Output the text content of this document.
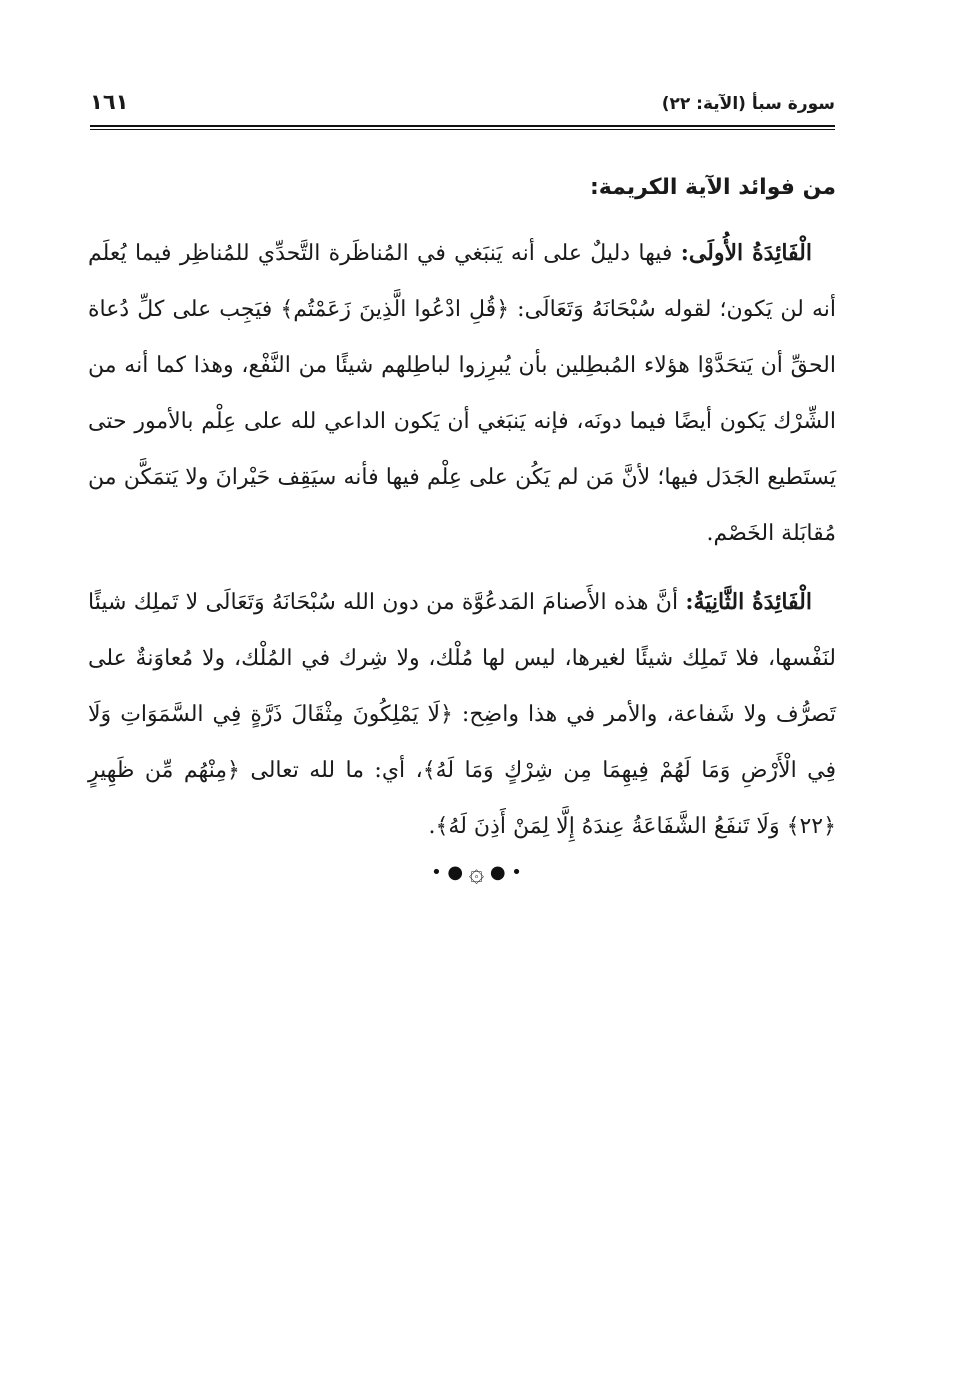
سورة سبأ (الآية: ٢٢)
١٦١
من فوائد الآية الكريمة:

الْفَائِدَةُ الأُولَى: فيها دليلٌ على أنه يَنبَغي في المُناظَرة التَّحدِّي للمُناظِر فيما يُعلَم أنه لن يَكون؛ لقوله سُبْحَانَهُ وَتَعَالَى: ﴿قُلِ ادْعُوا الَّذِينَ زَعَمْتُم﴾ فيَجِب على كلِّ دُعاة الحقِّ أن يَتحَدَّوْا هؤلاء المُبطِلين بأن يُبرِزوا لباطِلهم شيئًا من النَّفْع، وهذا كما أنه من الشِّرْك يَكون أيضًا فيما دونَه، فإنه يَنبَغي أن يَكون الداعي لله على عِلْم بالأمور حتى يَستَطيع الجَدَل فيها؛ لأنَّ مَن لم يَكُن على عِلْم فيها فأنه سيَقِف حَيْرانَ ولا يَتمَكَّن من مُقابَلة الخَصْم.

الْفَائِدَةُ الثَّانِيَةُ: أنَّ هذه الأَصنامَ المَدعُوَّة من دون الله سُبْحَانَهُ وَتَعَالَى لا تَملِك شيئًا لنَفْسها، فلا تَملِك شيئًا لغيرها، ليس لها مُلْك، ولا شِرك في المُلْك، ولا مُعاوَنةٌ على تَصرُّف ولا شَفاعة، والأمر في هذا واضِح: ﴿لَا يَمْلِكُونَ مِثْقَالَ ذَرَّةٍ فِي السَّمَوَاتِ وَلَا فِي الْأَرْضِ وَمَا لَهُمْ فِيهِمَا مِن شِرْكٍ وَمَا لَهُ﴾، أي: ما لله تعالى ﴿مِنْهُم مِّن ظَهِيرٍ ﴿٢٢﴾ وَلَا تَنفَعُ الشَّفَاعَةُ عِندَهُ إِلَّا لِمَنْ أَذِنَ لَهُ﴾.

• ● ۞ ● •
